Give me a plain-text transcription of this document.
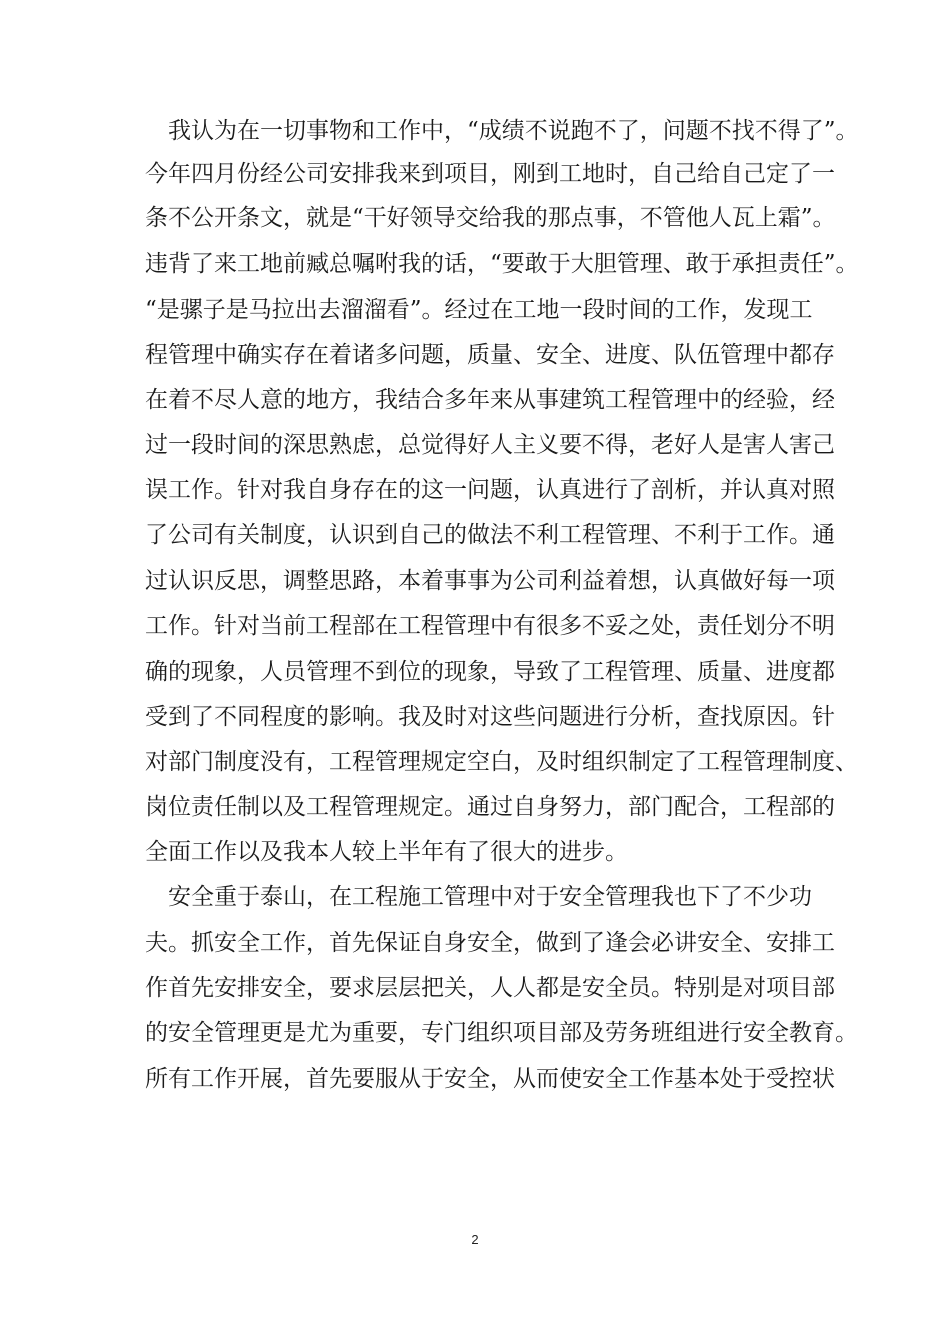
我认为在一切事物和工作中，“成绩不说跑不了，问题不找不得了”。
今年四月份经公司安排我来到项目，刚到工地时，自己给自己定了一
条不公开条文，就是“干好领导交给我的那点事，不管他人瓦上霜”。
违背了来工地前臧总嘱咐我的话，“要敢于大胆管理、敢于承担责任”。
“是骡子是马拉出去溜溜看”。经过在工地一段时间的工作，发现工
程管理中确实存在着诸多问题，质量、安全、进度、队伍管理中都存
在着不尽人意的地方，我结合多年来从事建筑工程管理中的经验，经
过一段时间的深思熟虑，总觉得好人主义要不得，老好人是害人害己
误工作。针对我自身存在的这一问题，认真进行了剖析，并认真对照
了公司有关制度，认识到自己的做法不利工程管理、不利于工作。通
过认识反思，调整思路，本着事事为公司利益着想，认真做好每一项
工作。针对当前工程部在工程管理中有很多不妥之处，责任划分不明
确的现象，人员管理不到位的现象，导致了工程管理、质量、进度都
受到了不同程度的影响。我及时对这些问题进行分析，查找原因。针
对部门制度没有，工程管理规定空白，及时组织制定了工程管理制度、
岗位责任制以及工程管理规定。通过自身努力，部门配合，工程部的
全面工作以及我本人较上半年有了很大的进步。
安全重于泰山，在工程施工管理中对于安全管理我也下了不少功
夫。抓安全工作，首先保证自身安全，做到了逢会必讲安全、安排工
作首先安排安全，要求层层把关，人人都是安全员。特别是对项目部
的安全管理更是尤为重要，专门组织项目部及劳务班组进行安全教育。
所有工作开展，首先要服从于安全，从而使安全工作基本处于受控状
2
